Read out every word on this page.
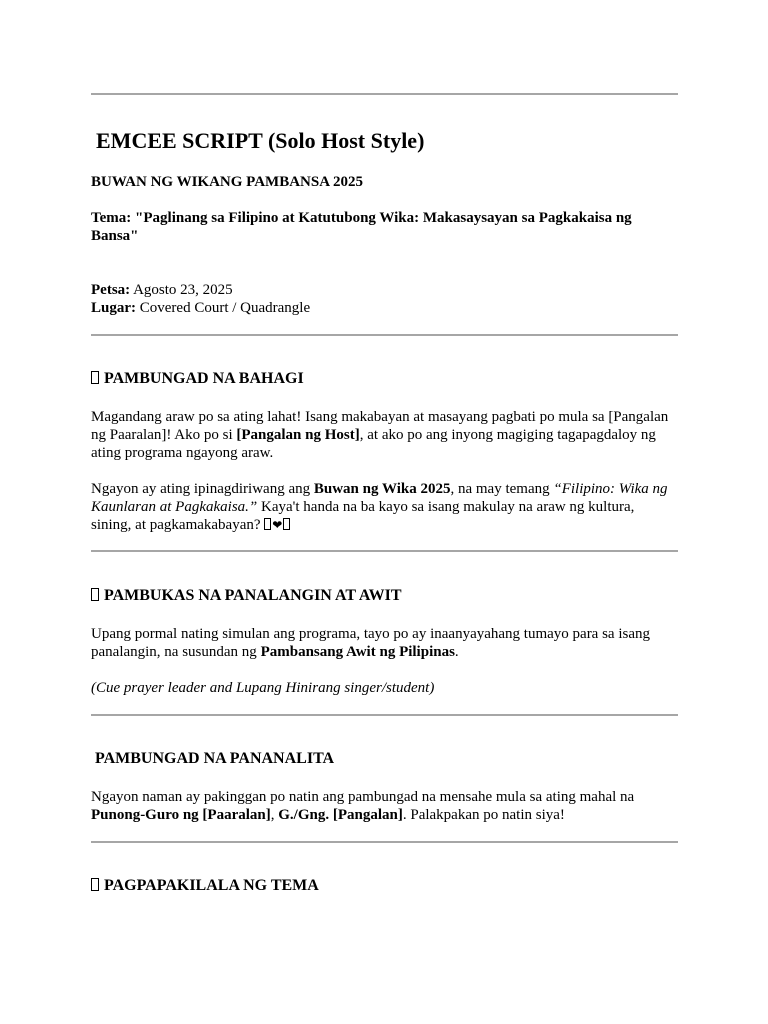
EMCEE SCRIPT (Solo Host Style)

BUWAN NG WIKANG PAMBANSA 2025

Tema: "Paglinang sa Filipino at Katutubong Wika: Makasaysayan sa Pagkakaisa ng Bansa"

Petsa: Agosto 23, 2025

Lugar: Covered Court / Quadrangle

PAMBUNGAD NA BAHAGI

Magandang araw po sa ating lahat! Isang makabayan at masayang pagbati po mula sa [Pangalan ng Paaralan]! Ako po si [Pangalan ng Host], at ako po ang inyong magiging tagapagdaloy ng ating programa ngayong araw.

Ngayon ay ating ipinagdiriwang ang Buwan ng Wika 2025, na may temang “Filipino: Wika ng Kaunlaran at Pagkakaisa.” Kaya't handa na ba kayo sa isang makulay na araw ng kultura, sining, at pagkamakabayan? ❤

PAMBUKAS NA PANALANGIN AT AWIT

Upang pormal nating simulan ang programa, tayo po ay inaanyayahang tumayo para sa isang panalangin, na susundan ng Pambansang Awit ng Pilipinas.

(Cue prayer leader and Lupang Hinirang singer/student)

PAMBUNGAD NA PANANALITA

Ngayon naman ay pakinggan po natin ang pambungad na mensahe mula sa ating mahal na Punong-Guro ng [Paaralan], G./Gng. [Pangalan]. Palakpakan po natin siya!

PAGPAPAKILALA NG TEMA
